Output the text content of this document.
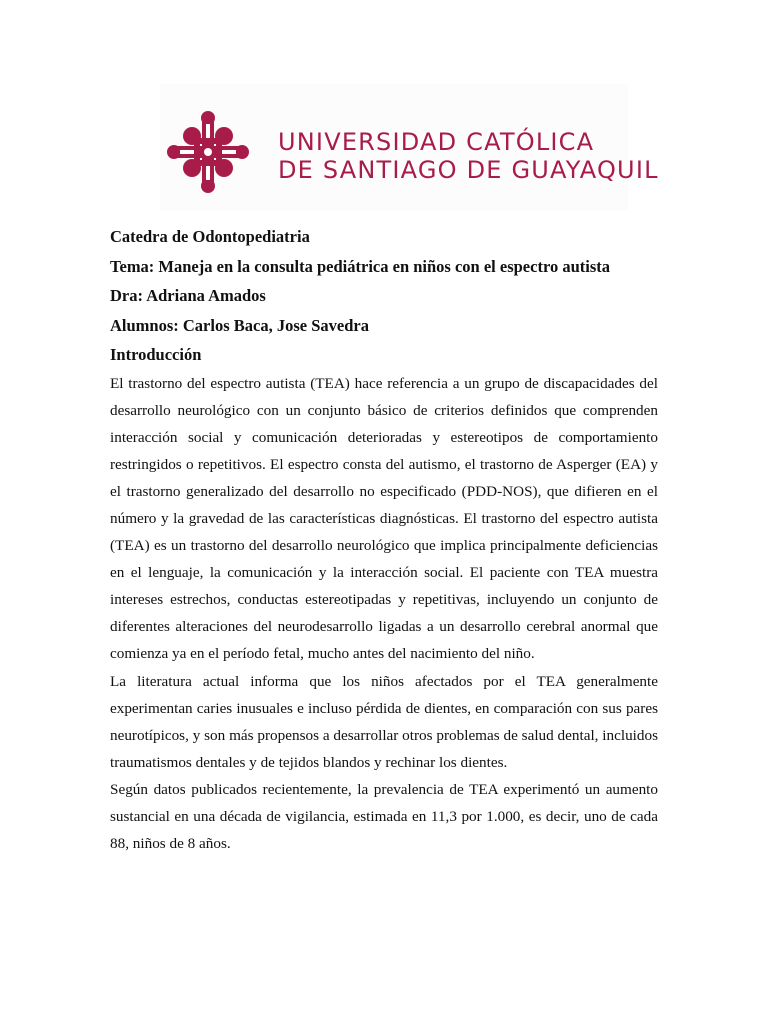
UNIVERSIDAD CATÓLICA
DE SANTIAGO DE GUAYAQUIL

Catedra de Odontopediatria

Tema: Maneja en la consulta pediátrica en niños con el espectro autista

Dra: Adriana Amados

Alumnos: Carlos Baca, Jose Savedra

Introducción

El trastorno del espectro autista (TEA) hace referencia a un grupo de discapacidades del desarrollo neurológico con un conjunto básico de criterios definidos que comprenden interacción social y comunicación deterioradas y estereotipos de comportamiento restringidos o repetitivos. El espectro consta del autismo, el trastorno de Asperger (EA) y el trastorno generalizado del desarrollo no especificado (PDD-NOS), que difieren en el número y la gravedad de las características diagnósticas. El trastorno del espectro autista (TEA) es un trastorno del desarrollo neurológico que implica principalmente deficiencias en el lenguaje, la comunicación y la interacción social. El paciente con TEA muestra intereses estrechos, conductas estereotipadas y repetitivas, incluyendo un conjunto de diferentes alteraciones del neurodesarrollo ligadas a un desarrollo cerebral anormal que comienza ya en el período fetal, mucho antes del nacimiento del niño.

La literatura actual informa que los niños afectados por el TEA generalmente experimentan caries inusuales e incluso pérdida de dientes, en comparación con sus pares neurotípicos, y son más propensos a desarrollar otros problemas de salud dental, incluidos traumatismos dentales y de tejidos blandos y rechinar los dientes.

Según datos publicados recientemente, la prevalencia de TEA experimentó un aumento sustancial en una década de vigilancia, estimada en 11,3 por 1.000, es decir, uno de cada 88, niños de 8 años.
